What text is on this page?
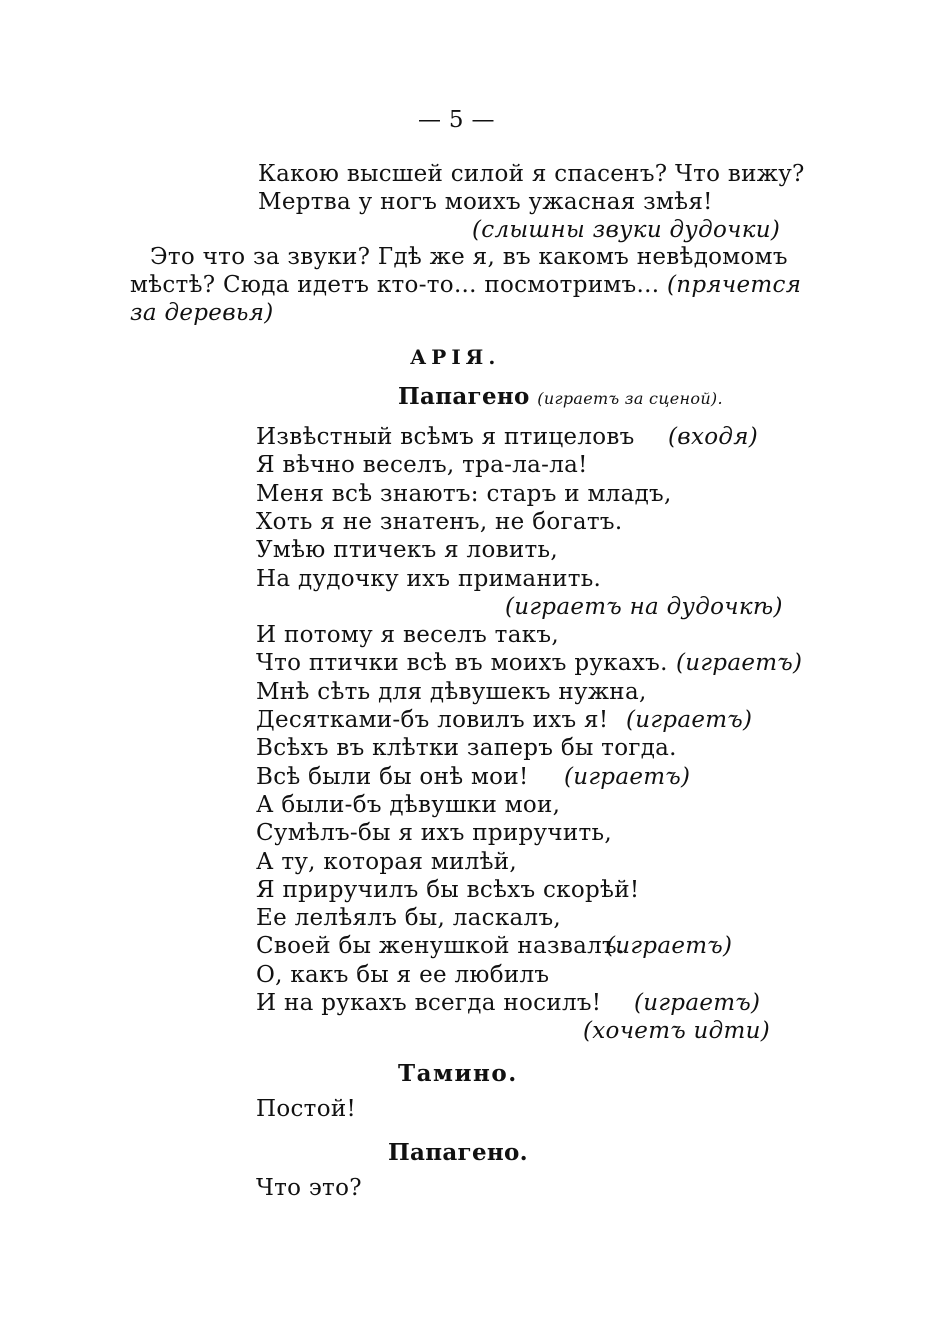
— 5 —
Какою высшей силой я спасенъ? Что вижу?
Мертва у ногъ моихъ ужасная змѣя!
(слышны звуки дудочки)
Это что за звуки? Гдѣ же я, въ какомъ невѣдомомъ
мѣстѣ? Сюда идетъ кто-то... посмотримъ... (прячется
за деревья)
АРІЯ.
Папагено (играетъ за сценой).
Извѣстный всѣмъ я птицеловъ (входя)
Я вѣчно веселъ, тра-ла-ла!
Меня всѣ знаютъ: старъ и младъ,
Хоть я не знатенъ, не богатъ.
Умѣю птичекъ я ловить,
На дудочку ихъ приманить.
(играетъ на дудочкѣ)
И потому я веселъ такъ,
Что птички всѣ въ моихъ рукахъ. (играетъ)
Мнѣ сѣть для дѣвушекъ нужна,
Десятками-бъ ловилъ ихъ я! (играетъ)
Всѣхъ въ клѣтки заперъ бы тогда.
Всѣ были бы онѣ мои! (играетъ)
А были-бъ дѣвушки мои,
Сумѣлъ-бы я ихъ приручить,
А ту, которая милѣй,
Я приручилъ бы всѣхъ скорѣй!
Ее лелѣялъ бы, ласкалъ,
Своей бы женушкой назвалъ.
(играетъ)
О, какъ бы я ее любилъ
И на рукахъ всегда носилъ! (играетъ)
(хочетъ идти)
Тамино.
Постой!
Папагено.
Что это?
